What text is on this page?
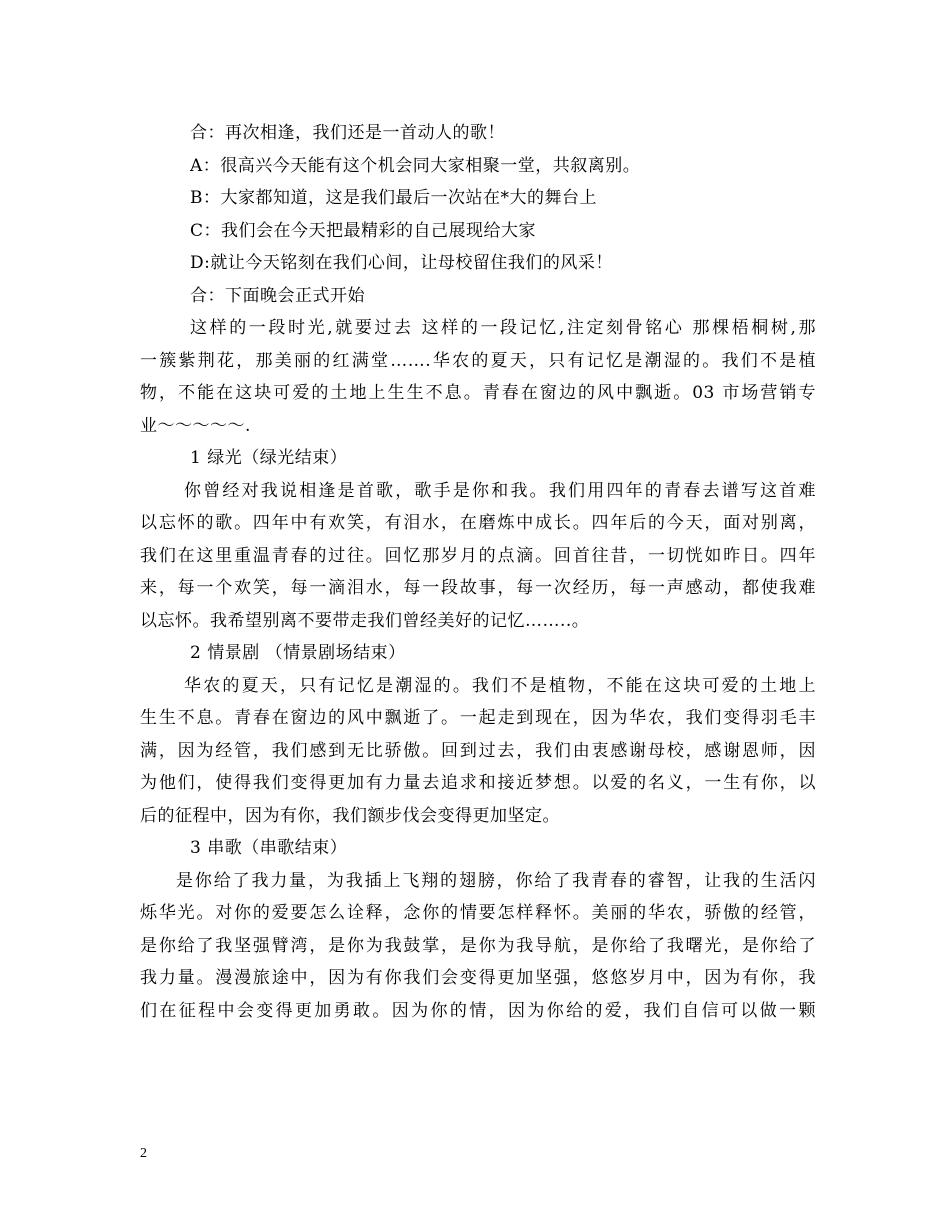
合：再次相逢，我们还是一首动人的歌！
A：很高兴今天能有这个机会同大家相聚一堂，共叙离别。
B：大家都知道，这是我们最后一次站在*大的舞台上
C：我们会在今天把最精彩的自己展现给大家
D:就让今天铭刻在我们心间，让母校留住我们的风采！
合：下面晚会正式开始
这样的一段时光,就要过去 这样的一段记忆,注定刻骨铭心 那棵梧桐树,那
一簇紫荆花，那美丽的红满堂…….华农的夏天，只有记忆是潮湿的。我们不是植
物，不能在这块可爱的土地上生生不息。青春在窗边的风中飘逝。03 市场营销专
业～～～～～.
1 绿光（绿光结束）
你曾经对我说相逢是首歌，歌手是你和我。我们用四年的青春去谱写这首难
以忘怀的歌。四年中有欢笑，有泪水，在磨炼中成长。四年后的今天，面对别离，
我们在这里重温青春的过往。回忆那岁月的点滴。回首往昔，一切恍如昨日。四年
来，每一个欢笑，每一滴泪水，每一段故事，每一次经历，每一声感动，都使我难
以忘怀。我希望别离不要带走我们曾经美好的记忆……..。
2 情景剧 （情景剧场结束）
华农的夏天，只有记忆是潮湿的。我们不是植物，不能在这块可爱的土地上
生生不息。青春在窗边的风中飘逝了。一起走到现在，因为华农，我们变得羽毛丰
满，因为经管，我们感到无比骄傲。回到过去，我们由衷感谢母校，感谢恩师，因
为他们，使得我们变得更加有力量去追求和接近梦想。以爱的名义，一生有你，以
后的征程中，因为有你，我们额步伐会变得更加坚定。
3 串歌（串歌结束）
是你给了我力量，为我插上飞翔的翅膀，你给了我青春的睿智，让我的生活闪
烁华光。对你的爱要怎么诠释，念你的情要怎样释怀。美丽的华农，骄傲的经管，
是你给了我坚强臂湾，是你为我鼓掌，是你为我导航，是你给了我曙光，是你给了
我力量。漫漫旅途中，因为有你我们会变得更加坚强，悠悠岁月中，因为有你，我
们在征程中会变得更加勇敢。因为你的情，因为你给的爱，我们自信可以做一颗
2
